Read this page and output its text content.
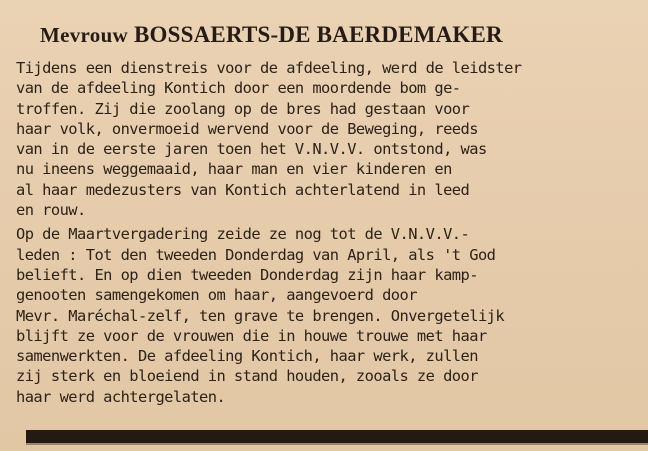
Mevrouw BOSSAERTS-DE BAERDEMAKER

Tijdens een dienstreis voor de afdeeling, werd de leidster
van de afdeeling Kontich door een moordende bom ge-
troffen. Zij die zoolang op de bres had gestaan voor
haar volk, onvermoeid wervend voor de Beweging, reeds
van in de eerste jaren toen het V.N.V.V. ontstond, was
nu ineens weggemaaid, haar man en vier kinderen en
al haar medezusters van Kontich achterlatend in leed
en rouw.

Op de Maartvergadering zeide ze nog tot de V.N.V.V.-
leden : Tot den tweeden Donderdag van April, als 't God
belieft. En op dien tweeden Donderdag zijn haar kamp-
genooten samengekomen om haar, aangevoerd door
Mevr. Maréchal-zelf, ten grave te brengen. Onvergetelijk
blijft ze voor de vrouwen die in houwe trouwe met haar
samenwerkten. De afdeeling Kontich, haar werk, zullen
zij sterk en bloeiend in stand houden, zooals ze door
haar werd achtergelaten.
